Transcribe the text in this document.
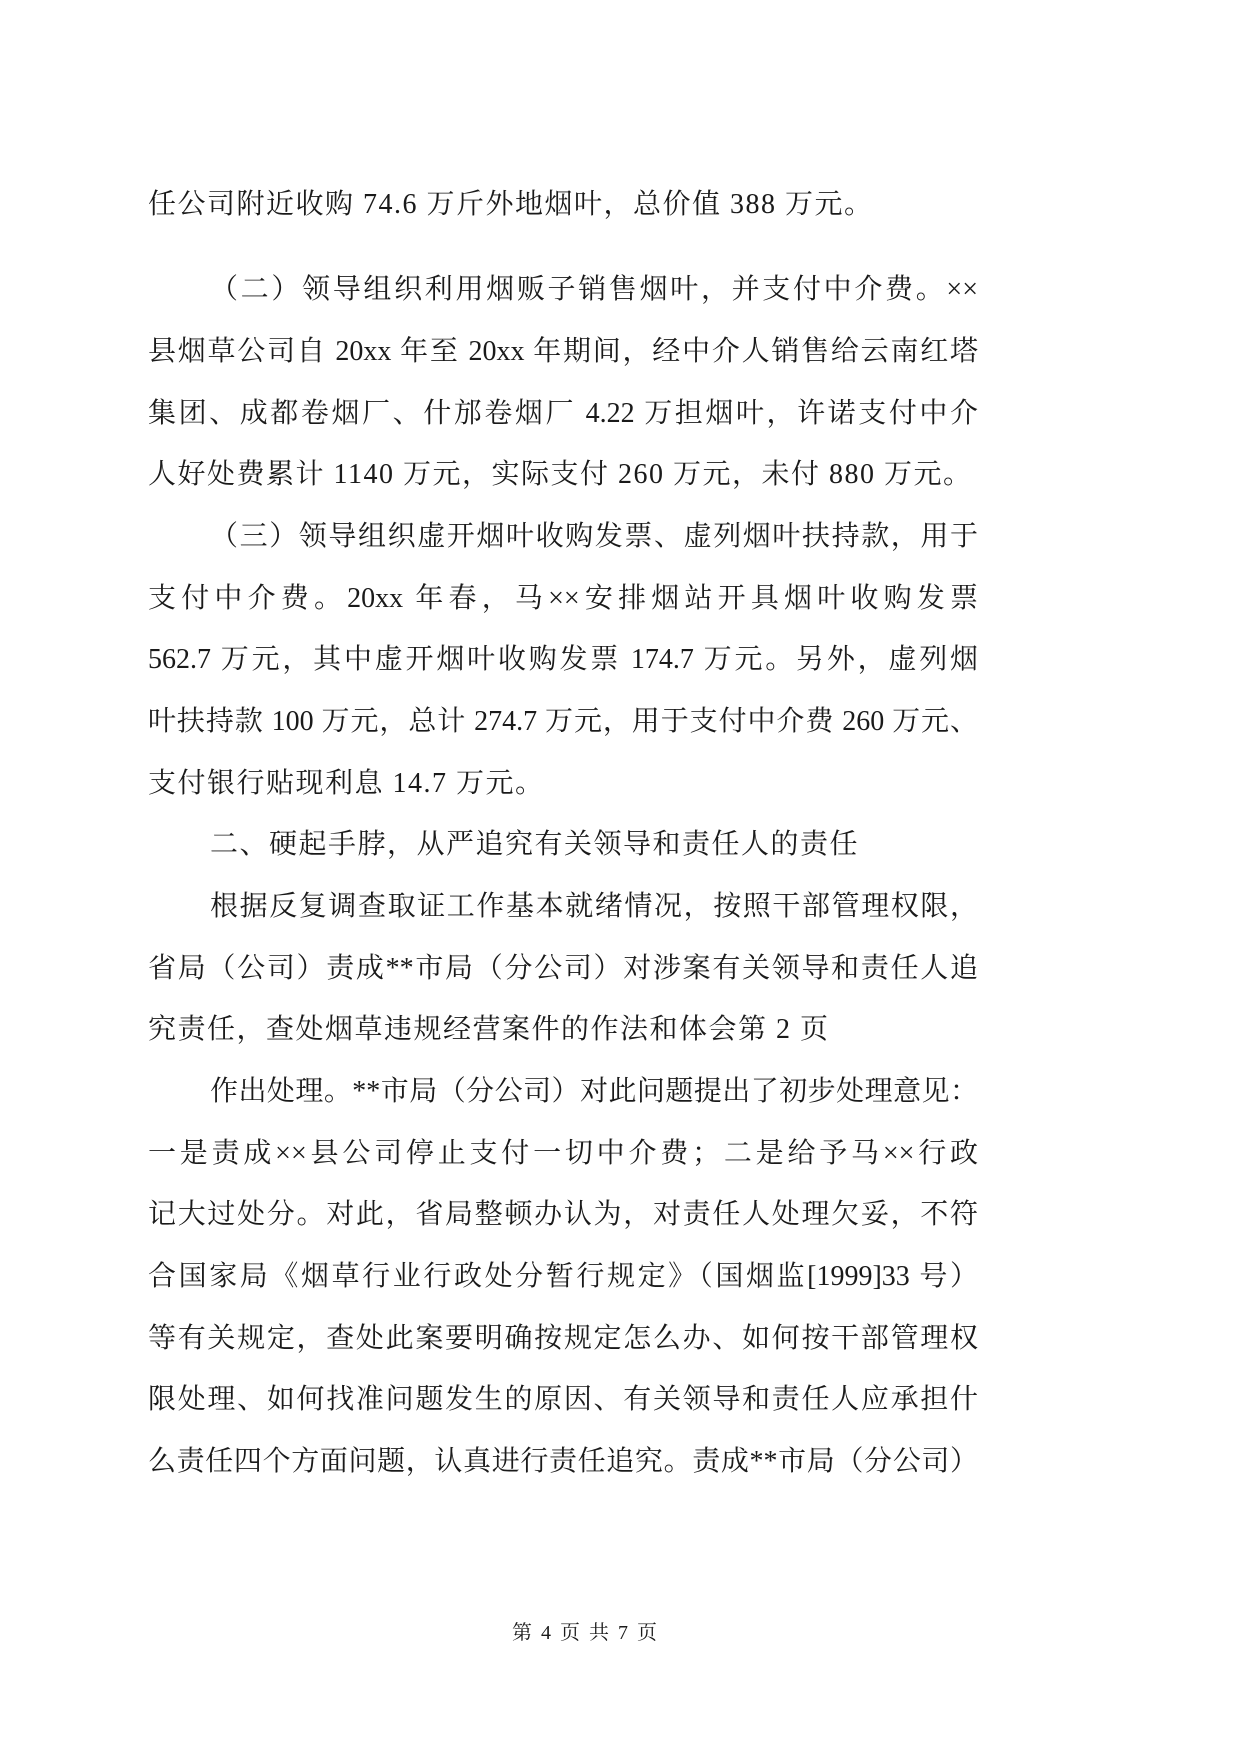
任公司附近收购 74.6 万斤外地烟叶，总价值 388 万元。
（二）领导组织利用烟贩子销售烟叶，并支付中介费。××
县烟草公司自 20xx 年至 20xx 年期间，经中介人销售给云南红塔
集团、成都卷烟厂、什邡卷烟厂 4.22 万担烟叶，许诺支付中介
人好处费累计 1140 万元，实际支付 260 万元，未付 880 万元。
（三）领导组织虚开烟叶收购发票、虚列烟叶扶持款，用于
支付中介费。20xx 年春，马××安排烟站开具烟叶收购发票
562.7 万元，其中虚开烟叶收购发票 174.7 万元。另外，虚列烟
叶扶持款 100 万元，总计 274.7 万元，用于支付中介费 260 万元、
支付银行贴现利息 14.7 万元。
二、硬起手脖，从严追究有关领导和责任人的责任
根据反复调查取证工作基本就绪情况，按照干部管理权限，
省局（公司）责成**市局（分公司）对涉案有关领导和责任人追
究责任，查处烟草违规经营案件的作法和体会第 2 页
作出处理。**市局（分公司）对此问题提出了初步处理意见：
一是责成××县公司停止支付一切中介费；二是给予马××行政
记大过处分。对此，省局整顿办认为，对责任人处理欠妥，不符
合国家局《烟草行业行政处分暂行规定》（国烟监[1999]33 号）
等有关规定，查处此案要明确按规定怎么办、如何按干部管理权
限处理、如何找准问题发生的原因、有关领导和责任人应承担什
么责任四个方面问题，认真进行责任追究。责成**市局（分公司）
第 4 页 共 7 页
